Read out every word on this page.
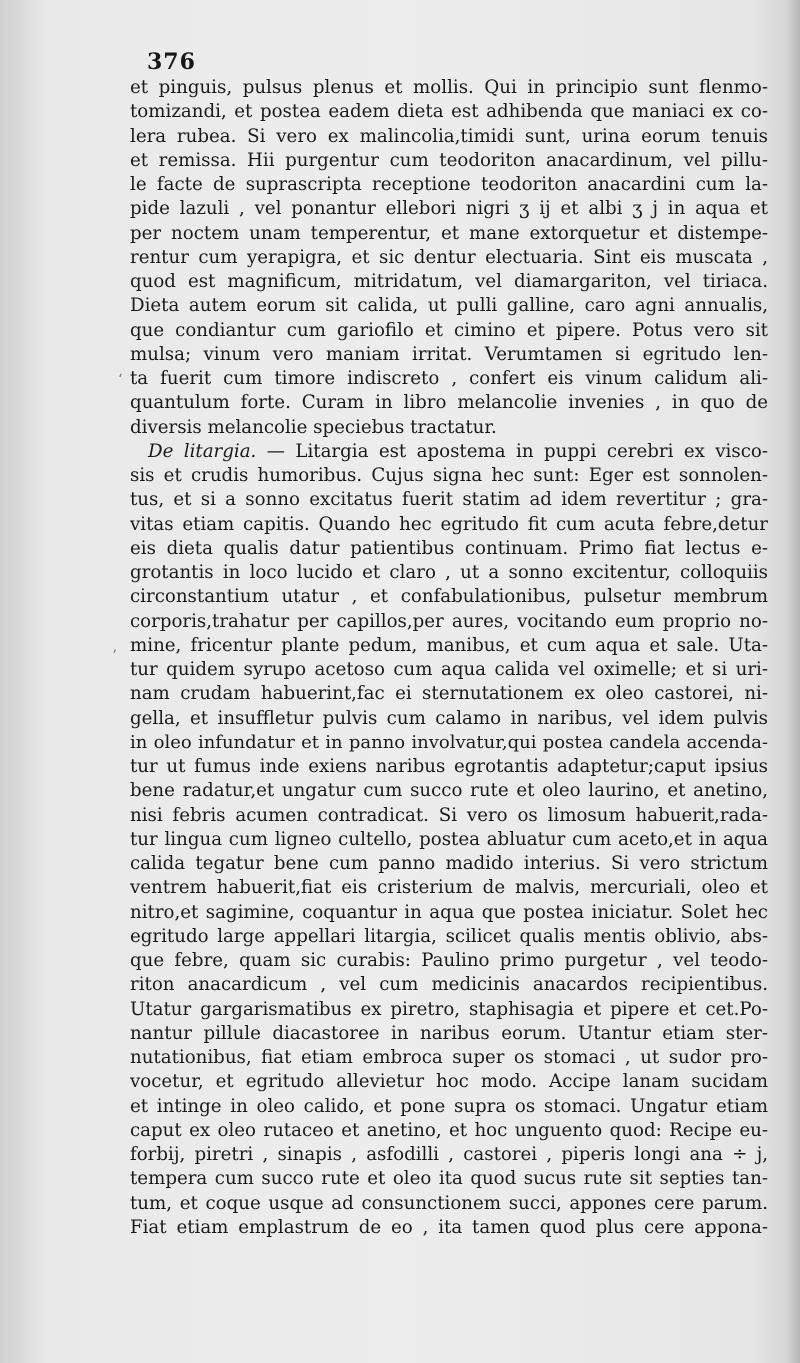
376
et pinguis, pulsus plenus et mollis. Qui in principio sunt flenmo-
tomizandi, et postea eadem dieta est adhibenda que maniaci ex co-
lera rubea. Si vero ex malincolia,timidi sunt, urina eorum tenuis
et remissa. Hii purgentur cum teodoriton anacardinum, vel pillu-
le facte de suprascripta receptione teodoriton anacardini cum la-
pide lazuli , vel ponantur ellebori nigri ʒ ij et albi ʒ j in aqua et
per noctem unam temperentur, et mane extorquetur et distempe-
rentur cum yerapigra, et sic dentur electuaria. Sint eis muscata ,
quod est magnificum, mitridatum, vel diamargariton, vel tiriaca.
Dieta autem eorum sit calida, ut pulli galline, caro agni annualis,
que condiantur cum gariofilo et cimino et pipere. Potus vero sit
mulsa; vinum vero maniam irritat. Verumtamen si egritudo len-
ta fuerit cum timore indiscreto , confert eis vinum calidum ali-
quantulum forte. Curam in libro melancolie invenies , in quo de
diversis melancolie speciebus tractatur.
De litargia. — Litargia est apostema in puppi cerebri ex visco-
sis et crudis humoribus. Cujus signa hec sunt: Eger est sonnolen-
tus, et si a sonno excitatus fuerit statim ad idem revertitur ; gra-
vitas etiam capitis. Quando hec egritudo fit cum acuta febre,detur
eis dieta qualis datur patientibus continuam. Primo fiat lectus e-
grotantis in loco lucido et claro , ut a sonno excitentur, colloquiis
circonstantium utatur , et confabulationibus, pulsetur membrum
corporis,trahatur per capillos,per aures, vocitando eum proprio no-
mine, fricentur plante pedum, manibus, et cum aqua et sale. Uta-
tur quidem syrupo acetoso cum aqua calida vel oximelle; et si uri-
nam crudam habuerint,fac ei sternutationem ex oleo castorei, ni-
gella, et insuffletur pulvis cum calamo in naribus, vel idem pulvis
in oleo infundatur et in panno involvatur,qui postea candela accenda-
tur ut fumus inde exiens naribus egrotantis adaptetur;caput ipsius
bene radatur,et ungatur cum succo rute et oleo laurino, et anetino,
nisi febris acumen contradicat. Si vero os limosum habuerit,rada-
tur lingua cum ligneo cultello, postea abluatur cum aceto,et in aqua
calida tegatur bene cum panno madido interius. Si vero strictum
ventrem habuerit,fiat eis cristerium de malvis, mercuriali, oleo et
nitro,et sagimine, coquantur in aqua que postea iniciatur. Solet hec
egritudo large appellari litargia, scilicet qualis mentis oblivio, abs-
que febre, quam sic curabis: Paulino primo purgetur , vel teodo-
riton anacardicum , vel cum medicinis anacardos recipientibus.
Utatur gargarismatibus ex piretro, staphisagia et pipere et cet.Po-
nantur pillule diacastoree in naribus eorum. Utantur etiam ster-
nutationibus, fiat etiam embroca super os stomaci , ut sudor pro-
vocetur, et egritudo allevietur hoc modo. Accipe lanam sucidam
et intinge in oleo calido, et pone supra os stomaci. Ungatur etiam
caput ex oleo rutaceo et anetino, et hoc unguento quod: Recipe eu-
forbij, piretri , sinapis , asfodilli , castorei , piperis longi ana ÷ j,
tempera cum succo rute et oleo ita quod sucus rute sit septies tan-
tum, et coque usque ad consunctionem succi, appones cere parum.
Fiat etiam emplastrum de eo , ita tamen quod plus cere appona-
ʻ
ʼ
